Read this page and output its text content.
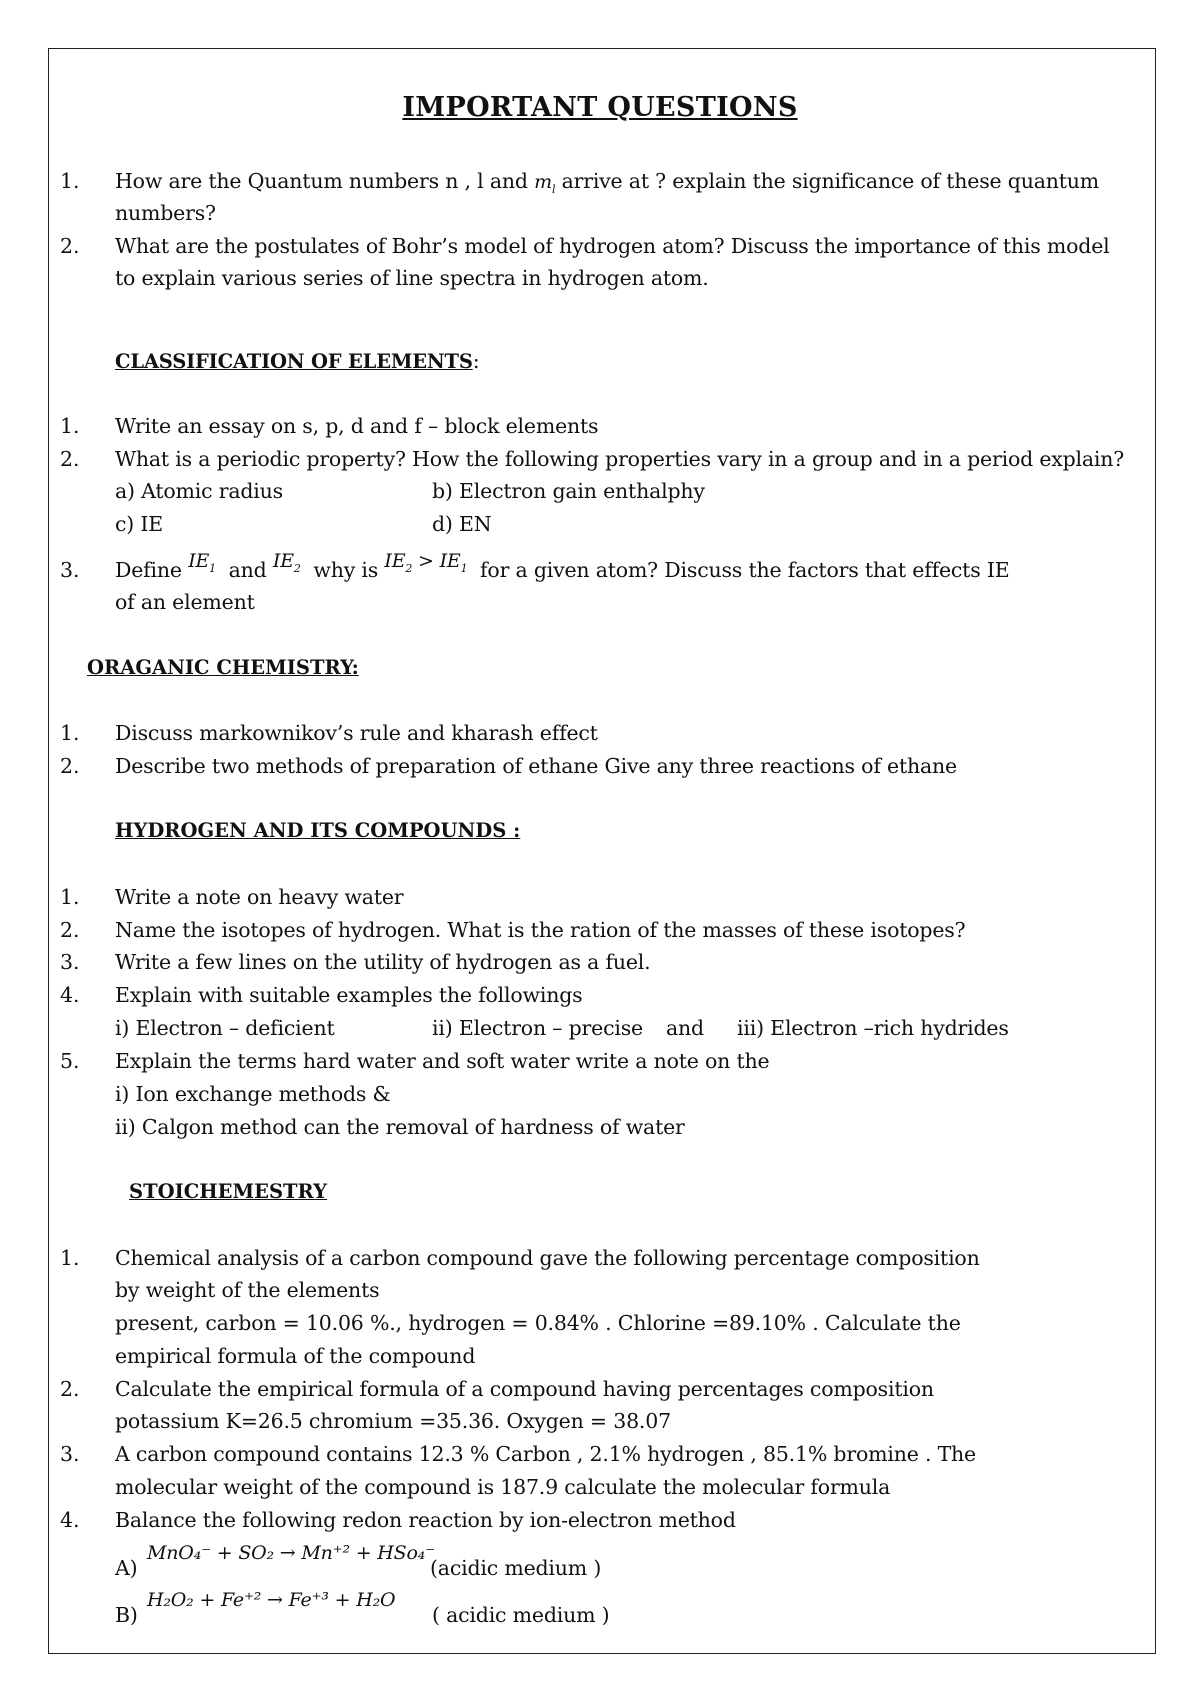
IMPORTANT QUESTIONS
1. How are the Quantum numbers n , l and $m_l$ arrive at ? explain the significance of these quantum
numbers?
2. What are the postulates of Bohr’s model of hydrogen atom? Discuss the importance of this model
to explain various series of line spectra in hydrogen atom.
CLASSIFICATION OF ELEMENTS:
1. Write an essay on s, p, d and f – block elements
2. What is a periodic property? How the following properties vary in a group and in a period explain?
a) Atomic radius	b) Electron gain enthalphy
c) IE	d) EN
3. Define $IE_1$ and $IE_2$ why is $IE_2 > IE_1$ for a given atom? Discuss the factors that effects IE
of an element
ORAGANIC CHEMISTRY:
1. Discuss markownikov’s rule and kharash effect
2. Describe two methods of preparation of ethane Give any three reactions of ethane
HYDROGEN AND ITS COMPOUNDS :
1. Write a note on heavy water
2. Name the isotopes of hydrogen. What is the ration of the masses of these isotopes?
3. Write a few lines on the utility of hydrogen as a fuel.
4. Explain with suitable examples the followings
i) Electron – deficient	ii) Electron – precise and iii) Electron –rich hydrides
5. Explain the terms hard water and soft water write a note on the
i) Ion exchange methods &
ii) Calgon method can the removal of hardness of water
STOICHEMESTRY
1. Chemical analysis of a carbon compound gave the following percentage composition
by weight of the elements
present, carbon = 10.06 %., hydrogen = 0.84% . Chlorine =89.10% . Calculate the
empirical formula of the compound
2. Calculate the empirical formula of a compound having percentages composition
potassium K=26.5 chromium =35.36. Oxygen = 38.07
3. A carbon compound contains 12.3 % Carbon , 2.1% hydrogen , 85.1% bromine . The
molecular weight of the compound is 187.9 calculate the molecular formula
4. Balance the following redon reaction by ion-electron method
A)
MnO₄⁻ + SO₂ → Mn⁺² + HSo₄⁻
(acidic medium )
B)
H₂O₂ + Fe⁺² → Fe⁺³ + H₂O
( acidic medium )
